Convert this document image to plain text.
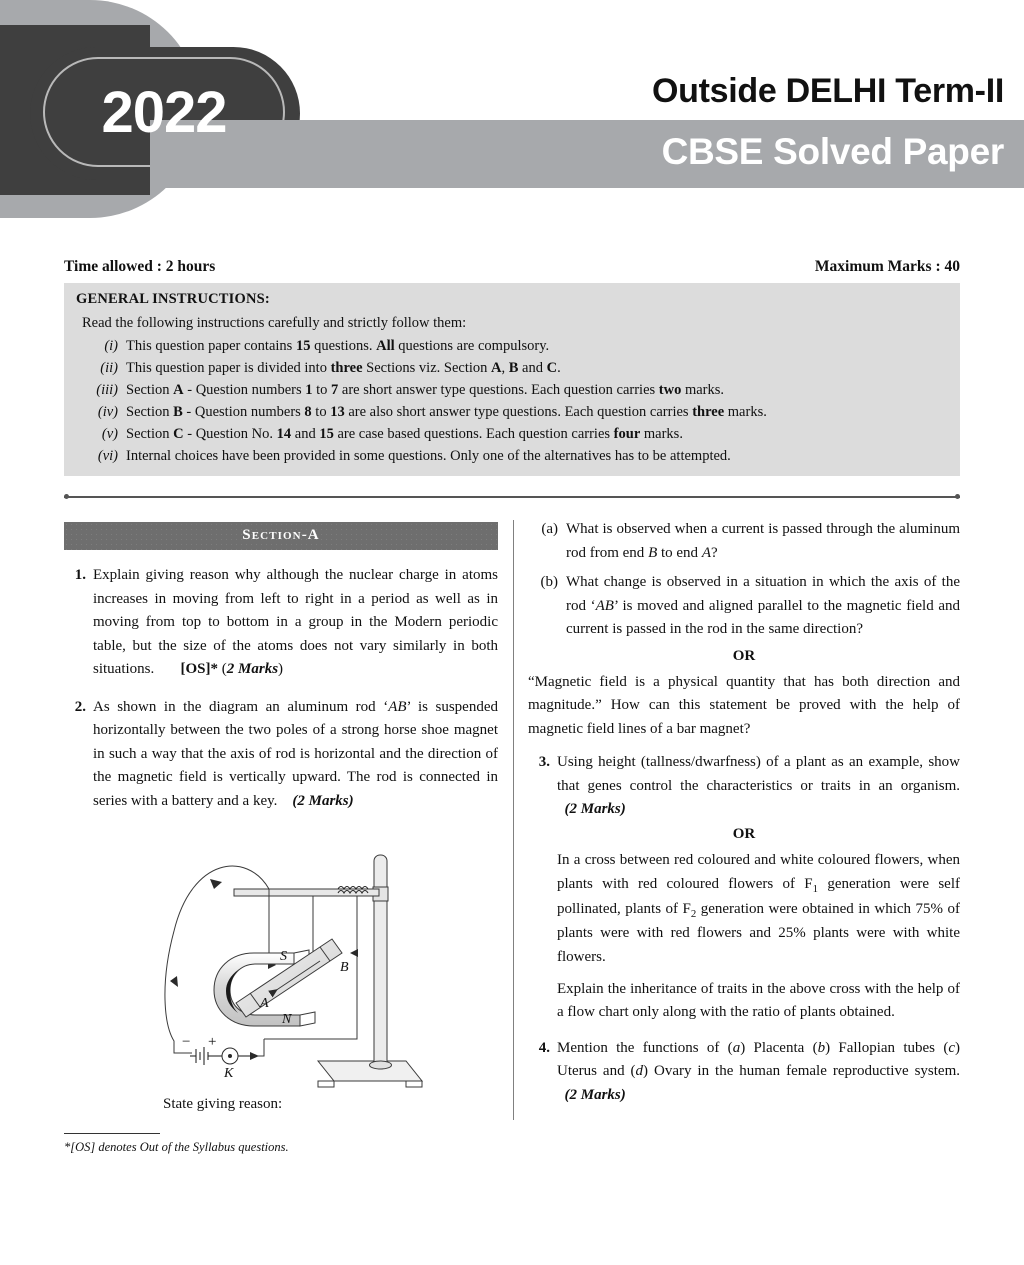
2022	Outside DELHI Term-II
CBSE Solved Paper
Time allowed : 2 hours	Maximum Marks : 40
GENERAL INSTRUCTIONS:
Read the following instructions carefully and strictly follow them:
(i) This question paper contains 15 questions. All questions are compulsory.
(ii) This question paper is divided into three Sections viz. Section A, B and C.
(iii) Section A - Question numbers 1 to 7 are short answer type questions. Each question carries two marks.
(iv) Section B - Question numbers 8 to 13 are also short answer type questions. Each question carries three marks.
(v) Section C - Question No. 14 and 15 are case based questions. Each question carries four marks.
(vi) Internal choices have been provided in some questions. Only one of the alternatives has to be attempted.
Section-A
1. Explain giving reason why although the nuclear charge in atoms increases in moving from left to right in a period as well as in moving from top to bottom in a group in the Modern periodic table, but the size of the atoms does not vary similarly in both situations.       [OS]* (2 Marks)
2. As shown in the diagram an aluminum rod ‘AB’ is suspended horizontally between the two poles of a strong horse shoe magnet in such a way that the axis of rod is horizontal and the direction of the magnetic field is vertically upward. The rod is connected in series with a battery and a key.    (2 Marks)
S
N
A
B
K
− +
State giving reason:
*[OS] denotes Out of the Syllabus questions.
(a) What is observed when a current is passed through the aluminum rod from end B to end A?
(b) What change is observed in a situation in which the axis of the rod ‘AB’ is moved and aligned parallel to the magnetic field and current is passed in the rod in the same direction?
OR
“Magnetic field is a physical quantity that has both direction and magnitude.” How can this statement be proved with the help of magnetic field lines of a bar magnet?
3. Using height (tallness/dwarfness) of a plant as an example, show that genes control the characteristics or traits in an organism.   (2 Marks)
OR
In a cross between red coloured and white coloured flowers, when plants with red coloured flowers of $F_1$ generation were self pollinated, plants of $F_2$ generation were obtained in which 75% of plants were with red flowers and 25% plants were with white flowers.
Explain the inheritance of traits in the above cross with the help of a flow chart only along with the ratio of plants obtained.
4. Mention the functions of (a) Placenta (b) Fallopian tubes (c) Uterus and (d) Ovary in the human female reproductive system.   (2 Marks)
